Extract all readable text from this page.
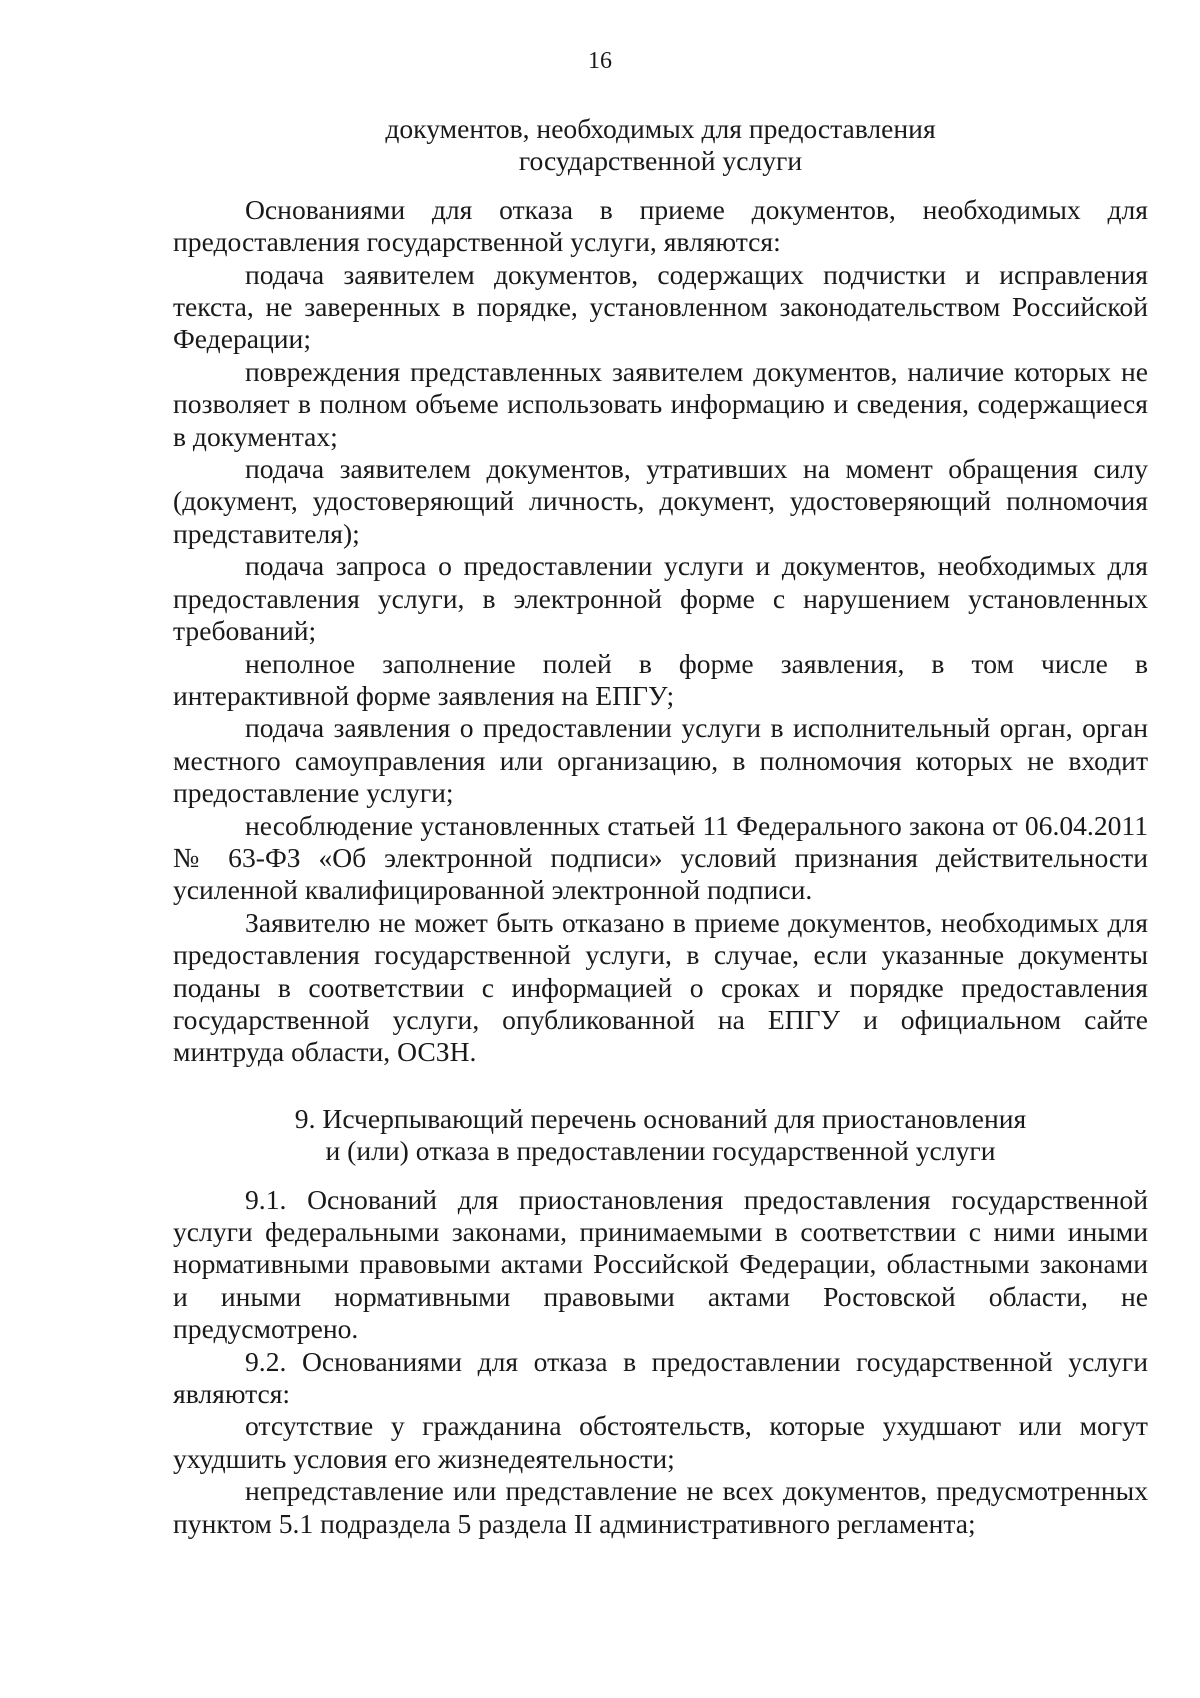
16
документов, необходимых для предоставления
государственной услуги

Основаниями для отказа в приеме документов, необходимых для предоставления государственной услуги, являются:

подача заявителем документов, содержащих подчистки и исправления текста, не заверенных в порядке, установленном законодательством Российской Федерации;

повреждения представленных заявителем документов, наличие которых не позволяет в полном объеме использовать информацию и сведения, содержащиеся в документах;

подача заявителем документов, утративших на момент обращения силу (документ, удостоверяющий личность, документ, удостоверяющий полномочия представителя);

подача запроса о предоставлении услуги и документов, необходимых для предоставления услуги, в электронной форме с нарушением установленных требований;

неполное заполнение полей в форме заявления, в том числе в интерактивной форме заявления на ЕПГУ;

подача заявления о предоставлении услуги в исполнительный орган, орган местного самоуправления или организацию, в полномочия которых не входит предоставление услуги;

несоблюдение установленных статьей 11 Федерального закона от 06.04.2011 № 63-ФЗ «Об электронной подписи» условий признания действительности усиленной квалифицированной электронной подписи.

Заявителю не может быть отказано в приеме документов, необходимых для предоставления государственной услуги, в случае, если указанные документы поданы в соответствии с информацией о сроках и порядке предоставления государственной услуги, опубликованной на ЕПГУ и официальном сайте минтруда области, ОСЗН.

9. Исчерпывающий перечень оснований для приостановления
и (или) отказа в предоставлении государственной услуги

9.1. Оснований для приостановления предоставления государственной услуги федеральными законами, принимаемыми в соответствии с ними иными нормативными правовыми актами Российской Федерации, областными законами и иными нормативными правовыми актами Ростовской области, не предусмотрено.

9.2. Основаниями для отказа в предоставлении государственной услуги являются:

отсутствие у гражданина обстоятельств, которые ухудшают или могут ухудшить условия его жизнедеятельности;

непредставление или представление не всех документов, предусмотренных пунктом 5.1 подраздела 5 раздела II административного регламента;
